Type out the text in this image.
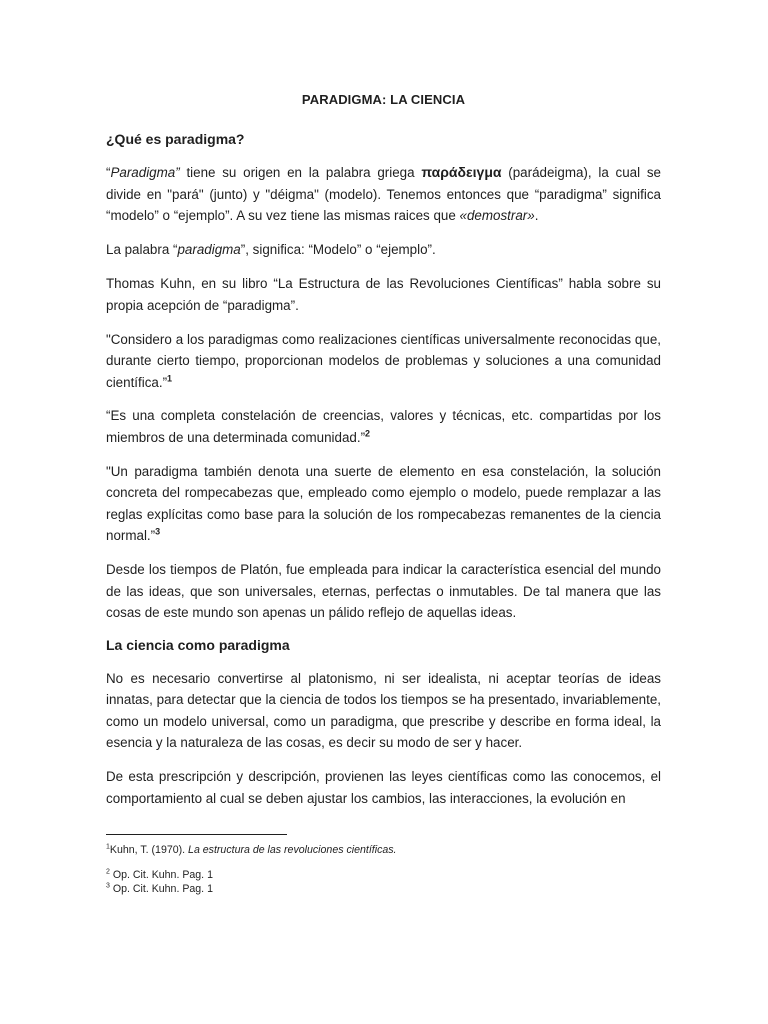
PARADIGMA: LA CIENCIA

¿Qué es paradigma?

“Paradigma” tiene su origen en la palabra griega παράδειγμα (parádeigma), la cual se divide en "pará" (junto) y "déigma" (modelo). Tenemos entonces que “paradigma” significa “modelo” o “ejemplo”. A su vez tiene las mismas raices que «demostrar».

La palabra “paradigma”, significa: “Modelo” o “ejemplo”.

Thomas Kuhn, en su libro “La Estructura de las Revoluciones Científicas” habla sobre su propia acepción de “paradigma”.

"Considero a los paradigmas como realizaciones científicas universalmente reconocidas que, durante cierto tiempo, proporcionan modelos de problemas y soluciones a una comunidad científica.”$^1$

“Es una completa constelación de creencias, valores y técnicas, etc. compartidas por los miembros de una determinada comunidad.”$^2$

"Un paradigma también denota una suerte de elemento en esa constelación, la solución concreta del rompecabezas que, empleado como ejemplo o modelo, puede remplazar a las reglas explícitas como base para la solución de los rompecabezas remanentes de la ciencia normal.”$^3$

Desde los tiempos de Platón, fue empleada para indicar la característica esencial del mundo de las ideas, que son universales, eternas, perfectas o inmutables. De tal manera que las cosas de este mundo son apenas un pálido reflejo de aquellas ideas.

La ciencia como paradigma

No es necesario convertirse al platonismo, ni ser idealista, ni aceptar teorías de ideas innatas, para detectar que la ciencia de todos los tiempos se ha presentado, invariablemente, como un modelo universal, como un paradigma, que prescribe y describe en forma ideal, la esencia y la naturaleza de las cosas, es decir su modo de ser y hacer.

De esta prescripción y descripción, provienen las leyes científicas como las conocemos, el comportamiento al cual se deben ajustar los cambios, las interacciones, la evolución en

$^1$Kuhn, T. (1970). La estructura de las revoluciones científicas.

$^2$ Op. Cit. Kuhn. Pag. 1

$^3$ Op. Cit. Kuhn. Pag. 1
